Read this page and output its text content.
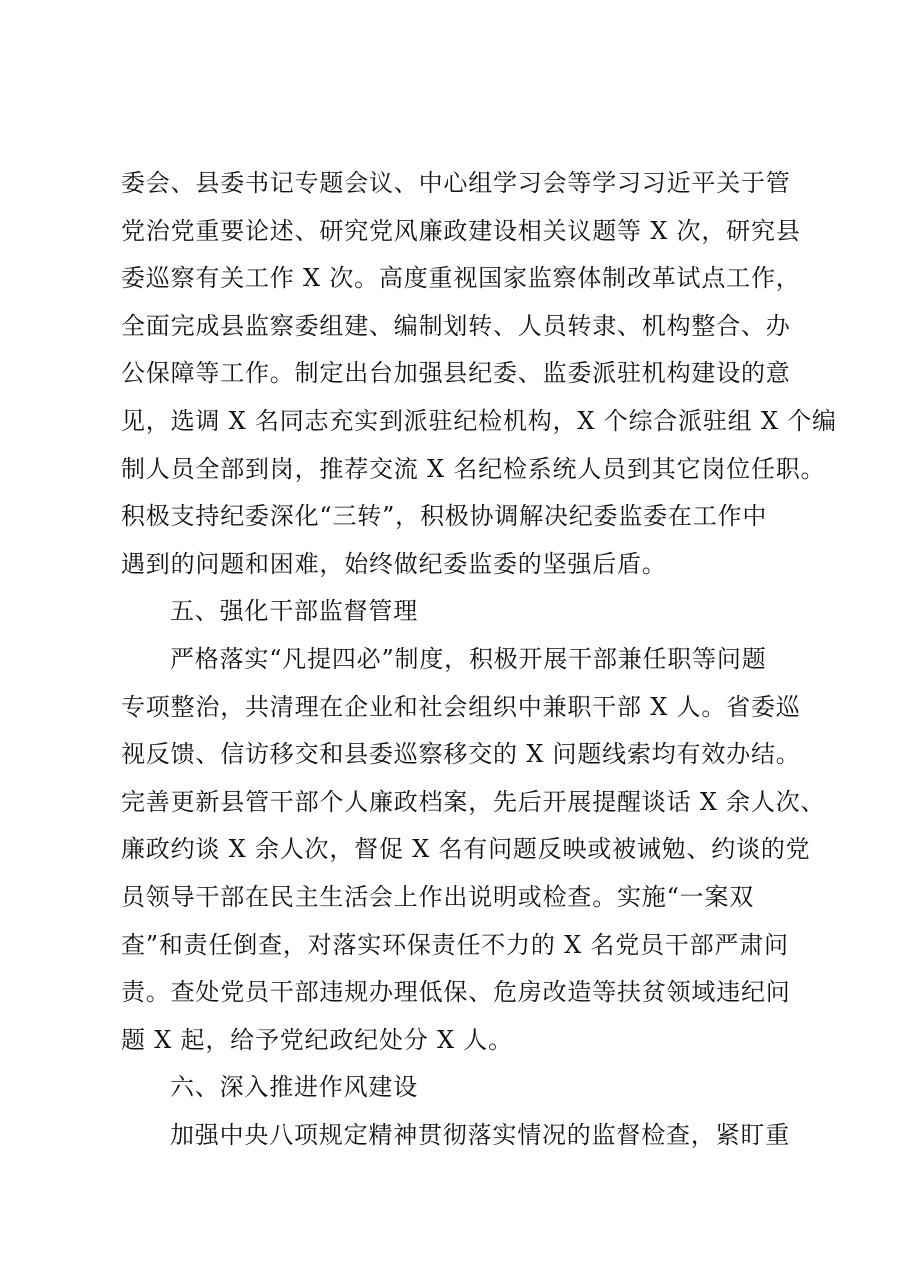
委会、县委书记专题会议、中心组学习会等学习习近平关于管
党治党重要论述、研究党风廉政建设相关议题等 X 次，研究县
委巡察有关工作 X 次。高度重视国家监察体制改革试点工作，
全面完成县监察委组建、编制划转、人员转隶、机构整合、办
公保障等工作。制定出台加强县纪委、监委派驻机构建设的意
见，选调 X 名同志充实到派驻纪检机构，X 个综合派驻组 X 个编
制人员全部到岗，推荐交流 X 名纪检系统人员到其它岗位任职。
积极支持纪委深化“三转”，积极协调解决纪委监委在工作中
遇到的问题和困难，始终做纪委监委的坚强后盾。
五、强化干部监督管理
严格落实“凡提四必”制度，积极开展干部兼任职等问题
专项整治，共清理在企业和社会组织中兼职干部 X 人。省委巡
视反馈、信访移交和县委巡察移交的 X 问题线索均有效办结。
完善更新县管干部个人廉政档案，先后开展提醒谈话 X 余人次、
廉政约谈 X 余人次，督促 X 名有问题反映或被诫勉、约谈的党
员领导干部在民主生活会上作出说明或检查。实施“一案双
查”和责任倒查，对落实环保责任不力的 X 名党员干部严肃问
责。查处党员干部违规办理低保、危房改造等扶贫领域违纪问
题 X 起，给予党纪政纪处分 X 人。
六、深入推进作风建设
加强中央八项规定精神贯彻落实情况的监督检查，紧盯重
